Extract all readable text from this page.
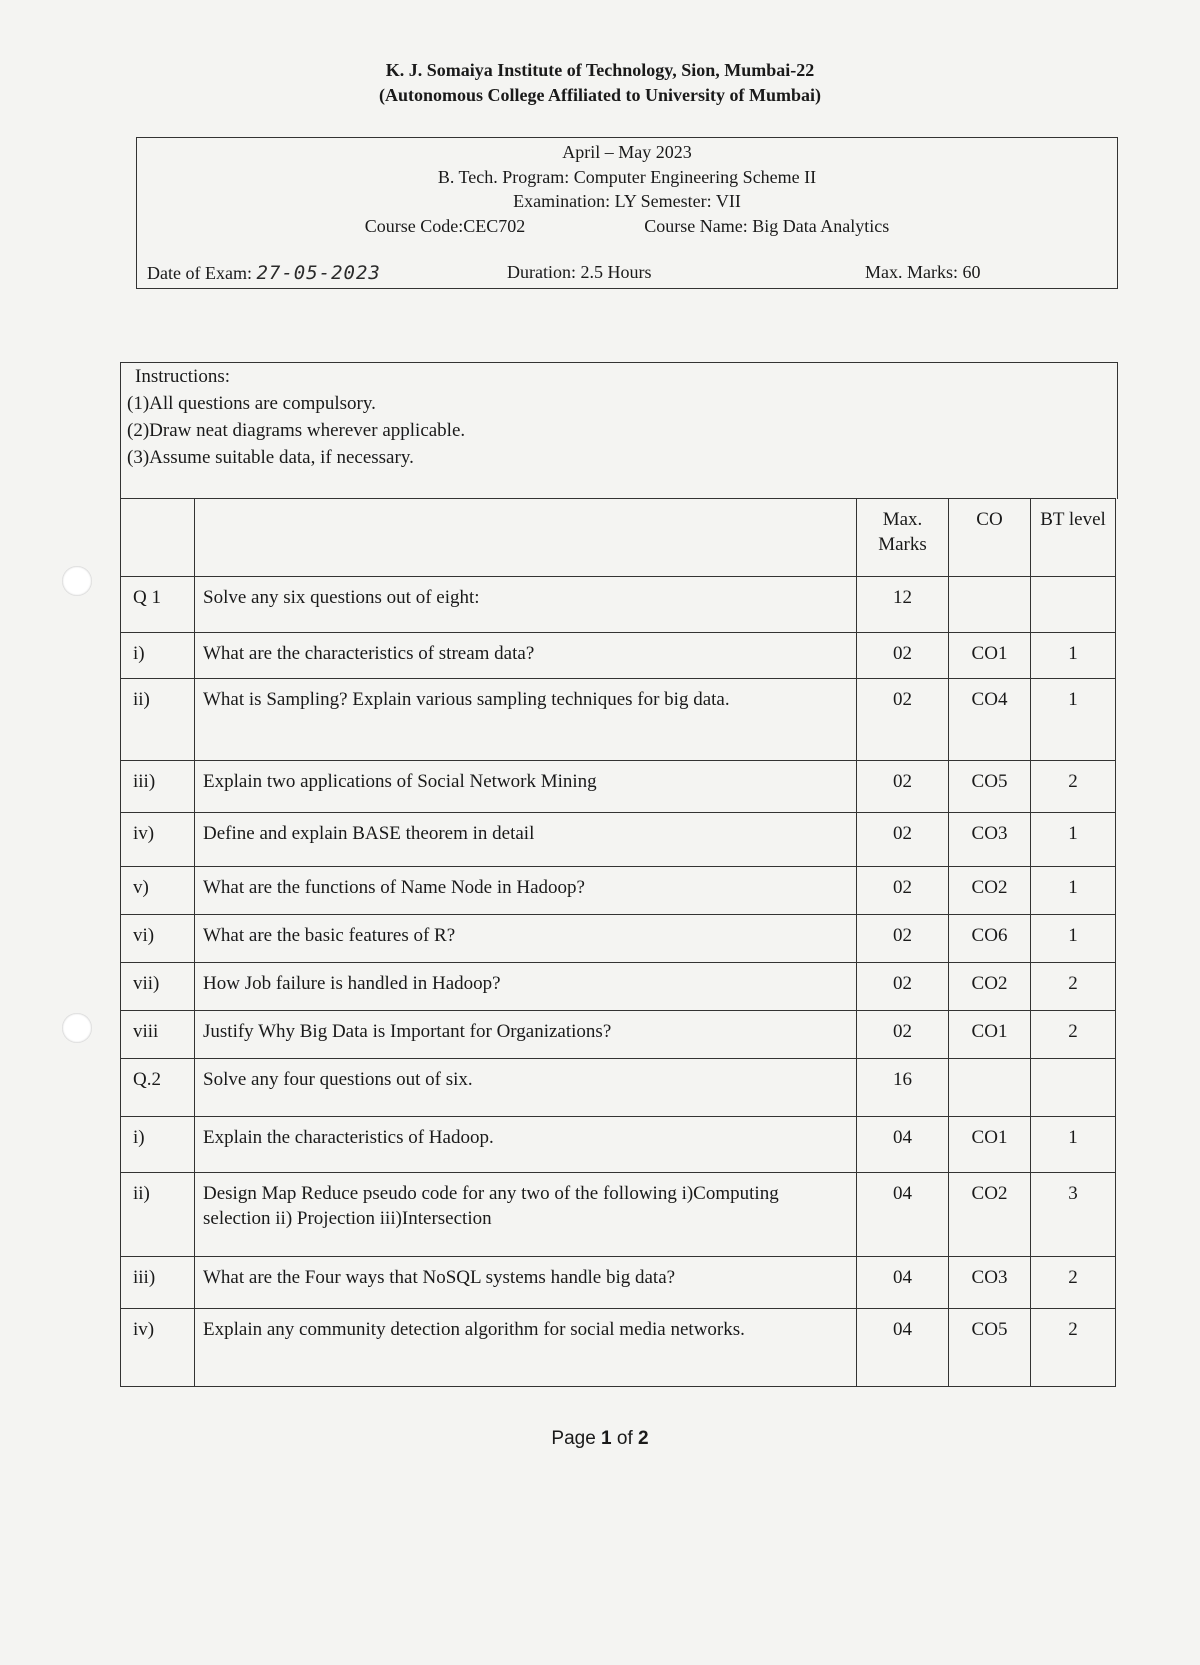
K. J. Somaiya Institute of Technology, Sion, Mumbai-22
(Autonomous College Affiliated to University of Mumbai)
April – May 2023
B. Tech. Program: Computer Engineering Scheme II
Examination: LY Semester: VII
Course Code:CEC702	Course Name: Big Data Analytics
Date of Exam: 27-05-2023	Duration: 2.5 Hours	Max. Marks: 60
Instructions:
(1)All questions are compulsory.
(2)Draw neat diagrams wherever applicable.
(3)Assume suitable data, if necessary.
		Max. Marks	CO	BT level
Q 1	Solve any six questions out of eight:	12		
i)	What are the characteristics of stream data?	02	CO1	1
ii)	What is Sampling? Explain various sampling techniques for big data.	02	CO4	1
iii)	Explain two applications of Social Network Mining	02	CO5	2
iv)	Define and explain BASE theorem in detail	02	CO3	1
v)	What are the functions of Name Node in Hadoop?	02	CO2	1
vi)	What are the basic features of R?	02	CO6	1
vii)	How Job failure is handled in Hadoop?	02	CO2	2
viii	Justify Why Big Data is Important for Organizations?	02	CO1	2
Q.2	Solve any four questions out of six.	16		
i)	Explain the characteristics of Hadoop.	04	CO1	1
ii)	Design Map Reduce pseudo code for any two of the following i)Computing selection ii) Projection iii)Intersection	04	CO2	3
iii)	What are the Four ways that NoSQL systems handle big data?	04	CO3	2
iv)	Explain any community detection algorithm for social media networks.	04	CO5	2
Page 1 of 2
